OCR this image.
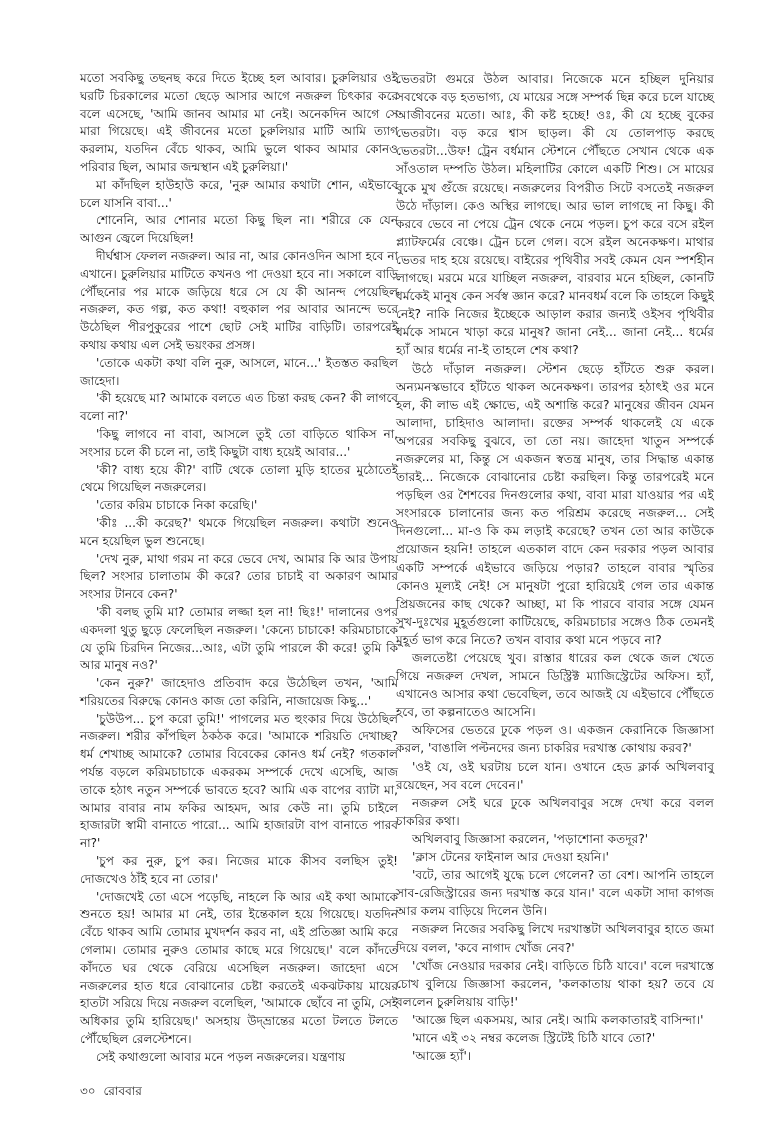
মতো সবকিছু তছনছ করে দিতে ইচ্ছে হল আবার। চুরুলিয়ার ওই ঘরটি চিরকালের মতো ছেড়ে আসার আগে নজরুল চিৎকার করে বলে এসেছে, 'আমি জানব আমার মা নেই। অনেকদিন আগে সে মারা গিয়েছে। এই জীবনের মতো চুরুলিয়ার মাটি আমি ত্যাগ করলাম, যতদিন বেঁচে থাকব, আমি ভুলে থাকব আমার কোনও পরিবার ছিল, আমার জন্মস্থান এই চুরুলিয়া।'

মা কাঁদছিল হাউহাউ করে, 'নুরু আমার কথাটা শোন, এইভাবে চলে যাসনি বাবা...'

শোনেনি, আর শোনার মতো কিছু ছিল না। শরীরে কে যেন আগুন জ্বেলে দিয়েছিল!

দীর্ঘশ্বাস ফেলল নজরুল। আর না, আর কোনওদিন আসা হবে না এখানে। চুরুলিয়ার মাটিতে কখনও পা দেওয়া হবে না। সকালে বাড়ি পৌঁছনোর পর মাকে জড়িয়ে ধরে সে যে কী আনন্দ পেয়েছিল নজরুল, কত গল্প, কত কথা! বহুকাল পর আবার আনন্দে ভরে উঠেছিল পীরপুকুরের পাশে ছোট সেই মাটির বাড়িটি। তারপরেই কথায় কথায় এল সেই ভয়ংকর প্রসঙ্গ।

'তোকে একটা কথা বলি নুরু, আসলে, মানে...' ইতস্তত করছিল জাহেদা।

'কী হয়েছে মা? আমাকে বলতে এত চিন্তা করছ কেন? কী লাগবে বলো না?'

'কিছু লাগবে না বাবা, আসলে তুই তো বাড়িতে থাকিস না, সংসার চলে কী চলে না, তাই কিছুটা বাধ্য হয়েই আবার...'

'কী? বাধ্য হয়ে কী?' বাটি থেকে তোলা মুড়ি হাতের মুঠোতেই থেমে গিয়েছিল নজরুলের।

'তোর করিম চাচাকে নিকা করেছি।'

'কীঃ ...কী করেছ?' থমকে গিয়েছিল নজরুল। কথাটা শুনেও মনে হয়েছিল ভুল শুনেছে।

'দেখ নুরু, মাথা গরম না করে ভেবে দেখ, আমার কি আর উপায় ছিল? সংসার চালাতাম কী করে? তোর চাচাই বা অকারণ আমার সংসার টানবে কেন?'

'কী বলছ তুমি মা? তোমার লজ্জা হল না! ছিঃ!' দালানের ওপর একদলা থুতু ছুড়ে ফেলেছিল নজরুল। 'কেন্যে চাচাকে! করিমচাচাকে যে তুমি চিরদিন নিজের...আঃ, এটা তুমি পারলে কী করে! তুমি কি আর মানুষ নও?'

'কেন নুরু?' জাহেদাও প্রতিবাদ করে উঠেছিল তখন, 'আমি শরিয়তের বিরুদ্ধে কোনও কাজ তো করিনি, নাজায়েজ কিছু...'

'চুউউপ... চুপ করো তুমি!' পাগলের মত হুংকার দিয়ে উঠেছিল নজরুল। শরীর কাঁপছিল ঠকঠক করে। 'আমাকে শরিয়তি দেখাচ্ছ? ধর্ম শেখাচ্ছ আমাকে? তোমার বিবেকের কোনও ধর্ম নেই? গতকাল পর্যন্ত বড়লে করিমচাচাকে একরকম সম্পর্কে দেখে এসেছি, আজ তাকে হঠাৎ নতুন সম্পর্কে ভাবতে হবে? আমি এক বাপের ব্যাটা মা, আমার বাবার নাম ফকির আহমদ, আর কেউ না। তুমি চাইলে হাজারটা স্বামী বানাতে পারো... আমি হাজারটা বাপ বানাতে পারব না?'

'চুপ কর নুরু, চুপ কর। নিজের মাকে কীসব বলছিস তুই! দোজখেও ঠাঁই হবে না তোর।'

'দোজখেই তো এসে পড়েছি, নাহলে কি আর এই কথা আমাকে শুনতে হয়! আমার মা নেই, তার ইন্তেকাল হয়ে গিয়েছে। যতদিন বেঁচে থাকব আমি তোমার মুখদর্শন করব না, এই প্রতিজ্ঞা আমি করে গেলাম। তোমার নুরুও তোমার কাছে মরে গিয়েছে।' বলে কাঁদতে কাঁদতে ঘর থেকে বেরিয়ে এসেছিল নজরুল। জাহেদা এসে নজরুলের হাত ধরে বোঝানোর চেষ্টা করতেই একঝটকায় মায়ের হাতটা সরিয়ে দিয়ে নজরুল বলেছিল, 'আমাকে ছোঁবে না তুমি, সেই অধিকার তুমি হারিয়েছ।' অসহায় উদ্‌ভ্রান্তের মতো টলতে টলতে পৌঁছেছিল রেলস্টেশনে।

সেই কথাগুলো আবার মনে পড়ল নজরুলের। যন্ত্রণায়

ভেতরটা গুমরে উঠল আবার। নিজেকে মনে হচ্ছিল দুনিয়ার সবথেকে বড় হতভাগ্য, যে মায়ের সঙ্গে সম্পর্ক ছিন্ন করে চলে যাচ্ছে আজীবনের মতো। আঃ, কী কষ্ট হচ্ছে! ওঃ, কী যে হচ্ছে বুকের ভেতরটা। বড় করে শ্বাস ছাড়ল। কী যে তোলপাড় করছে ভেতরটা...উফ! ট্রেন বর্ধমান স্টেশনে পৌঁছতে সেখান থেকে এক সাঁওতাল দম্পতি উঠল। মহিলাটির কোলে একটি শিশু। সে মায়ের বুকে মুখ গুঁজে রয়েছে। নজরুলের বিপরীত সিটে বসতেই নজরুল উঠে দাঁড়াল। কেও অস্থির লাগছে। আর ভাল লাগছে না কিছু। কী করবে ভেবে না পেয়ে ট্রেন থেকে নেমে পড়ল। চুপ করে বসে রইল প্ল্যাটফর্মের বেঞ্চে। ট্রেন চলে গেল। বসে রইল অনেকক্ষণ। মাথার ভেতর দাহ হয়ে রয়েছে। বাইরের পৃথিবীর সবই কেমন যেন স্পর্শহীন লাগছে। মরমে মরে যাচ্ছিল নজরুল, বারবার মনে হচ্ছিল, কোনটি ধর্মকেই মানুষ কেন সর্বস্ব জ্ঞান করে? মানবধর্ম বলে কি তাহলে কিছুই নেই? নাকি নিজের ইচ্ছেকে আড়াল করার জন্যই ওইসব পৃথিবীর ধর্মকে সামনে খাড়া করে মানুষ? জানা নেই... জানা নেই... ধর্মের হ্যাঁ আর ধর্মের না-ই তাহলে শেষ কথা?

উঠে দাঁড়াল নজরুল। স্টেশন ছেড়ে হাঁটতে শুরু করল। অন্যমনস্কভাবে হাঁটতে থাকল অনেকক্ষণ। তারপর হঠাৎই ওর মনে হল, কী লাভ এই ক্ষোভে, এই অশান্তি করে? মানুষের জীবন যেমন আলাদা, চাহিদাও আলাদা। রক্তের সম্পর্ক থাকলেই যে একে অপরের সবকিছু বুঝবে, তা তো নয়। জাহেদা খাতুন সম্পর্কে নজরুলের মা, কিন্তু সে একজন স্বতন্ত্র মানুষ, তার সিদ্ধান্ত একান্ত তারই... নিজেকে বোঝানোর চেষ্টা করছিল। কিন্তু তারপরেই মনে পড়ছিল ওর শৈশবের দিনগুলোর কথা, বাবা মারা যাওয়ার পর এই সংসারকে চালানোর জন্য কত পরিশ্রম করেছে নজরুল... সেই দিনগুলো... মা-ও কি কম লড়াই করেছে? তখন তো আর কাউকে প্রয়োজন হয়নি! তাহলে এতকাল বাদে কেন দরকার পড়ল আবার একটি সম্পর্কে এইভাবে জড়িয়ে পড়ার? তাহলে বাবার স্মৃতির কোনও মূল্যই নেই! সে মানুষটা পুরো হারিয়েই গেল তার একান্ত প্রিয়জনের কাছ থেকে? আচ্ছা, মা কি পারবে বাবার সঙ্গে যেমন সুখ-দুঃখের মুহূর্তগুলো কাটিয়েছে, করিমচাচার সঙ্গেও ঠিক তেমনই মুহূর্ত ভাগ করে নিতে? তখন বাবার কথা মনে পড়বে না?

জলতেষ্টা পেয়েছে খুব। রাস্তার ধারের কল থেকে জল খেতে গিয়ে নজরুল দেখল, সামনে ডিস্ট্রিক্ট ম্যাজিস্ট্রেটের অফিস। হ্যাঁ, এখানেও আসার কথা ভেবেছিল, তবে আজই যে এইভাবে পৌঁছতে হবে, তা কল্পনাতেও আসেনি।

অফিসের ভেতরে ঢুকে পড়ল ও। একজন কেরানিকে জিজ্ঞাসা করল, 'বাঙালি পল্টনদের জন্য চাকরির দরখাস্ত কোথায় করব?'

'ওই যে, ওই ঘরটায় চলে যান। ওখানে হেড ক্লার্ক অখিলবাবু রয়েছেন, সব বলে দেবেন।'

নজরুল সেই ঘরে ঢুকে অখিলবাবুর সঙ্গে দেখা করে বলল চাকরির কথা।

অখিলবাবু জিজ্ঞাসা করলেন, 'পড়াশোনা কতদূর?'

'ক্লাস টেনের ফাইনাল আর দেওয়া হয়নি।'

'বটে, তার আগেই যুদ্ধে চলে গেলেন? তা বেশ। আপনি তাহলে সাব-রেজিস্ট্রারের জন্য দরখাস্ত করে যান।' বলে একটা সাদা কাগজ আর কলম বাড়িয়ে দিলেন উনি।

নজরুল নিজের সবকিছু লিখে দরখাস্তটা অখিলবাবুর হাতে জমা দিয়ে বলল, 'কবে নাগাদ খোঁজ নেব?'

'খোঁজ নেওয়ার দরকার নেই। বাড়িতে চিঠি যাবে।' বলে দরখাস্তে চোখ বুলিয়ে জিজ্ঞাসা করলেন, 'কলকাতায় থাকা হয়? তবে যে বললেন চুরুলিয়ায় বাড়ি!'

'আজ্ঞে ছিল একসময়, আর নেই। আমি কলকাতারই বাসিন্দা।'

'মানে এই ৩২ নম্বর কলেজ স্ট্রিটেই চিঠি যাবে তো?'

'আজ্ঞে হ্যাঁ'।

৩০ রোববার
